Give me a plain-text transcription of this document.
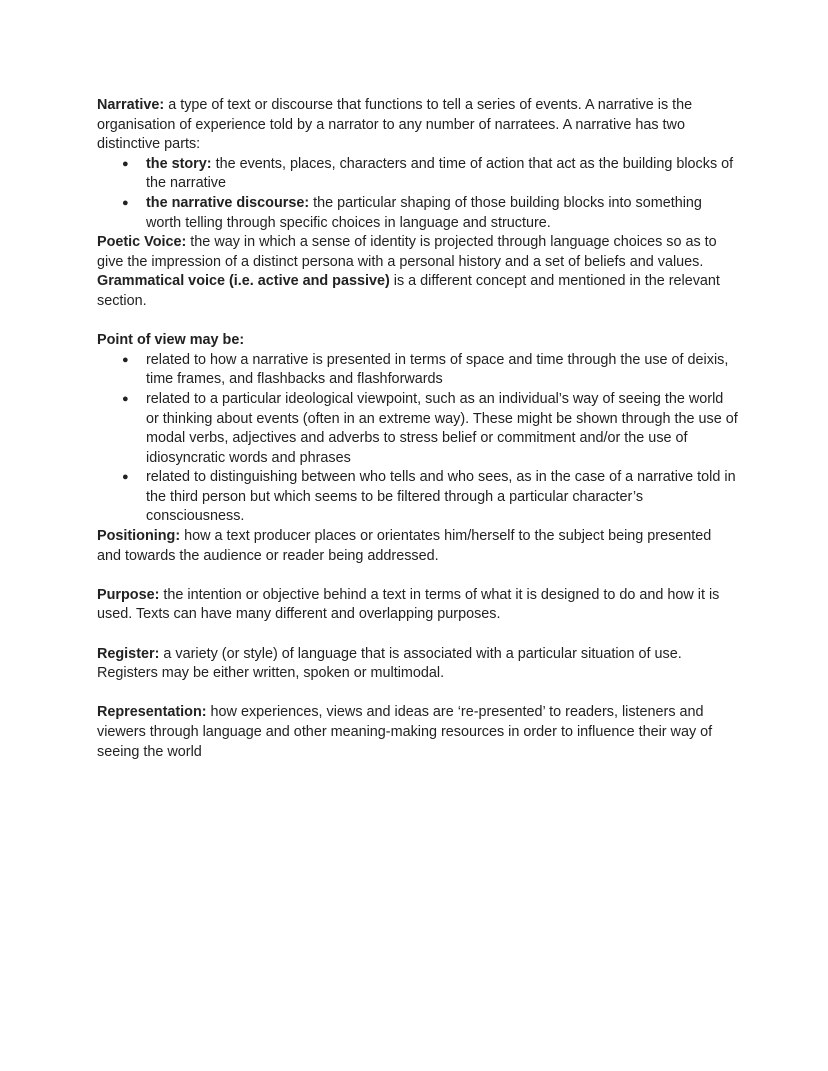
Narrative: a type of text or discourse that functions to tell a series of events. A narrative is the organisation of experience told by a narrator to any number of narratees. A narrative has two distinctive parts:
● the story: the events, places, characters and time of action that act as the building blocks of the narrative
● the narrative discourse: the particular shaping of those building blocks into something worth telling through specific choices in language and structure.
Poetic Voice: the way in which a sense of identity is projected through language choices so as to give the impression of a distinct persona with a personal history and a set of beliefs and values. Grammatical voice (i.e. active and passive) is a different concept and mentioned in the relevant section.
Point of view may be:
● related to how a narrative is presented in terms of space and time through the use of deixis, time frames, and flashbacks and flashforwards
● related to a particular ideological viewpoint, such as an individual’s way of seeing the world or thinking about events (often in an extreme way). These might be shown through the use of modal verbs, adjectives and adverbs to stress belief or commitment and/or the use of idiosyncratic words and phrases
● related to distinguishing between who tells and who sees, as in the case of a narrative told in the third person but which seems to be filtered through a particular character’s consciousness.
Positioning: how a text producer places or orientates him/herself to the subject being presented and towards the audience or reader being addressed.
Purpose: the intention or objective behind a text in terms of what it is designed to do and how it is used. Texts can have many different and overlapping purposes.
Register: a variety (or style) of language that is associated with a particular situation of use. Registers may be either written, spoken or multimodal.
Representation: how experiences, views and ideas are ‘re-presented’ to readers, listeners and viewers through language and other meaning-making resources in order to influence their way of seeing the world
